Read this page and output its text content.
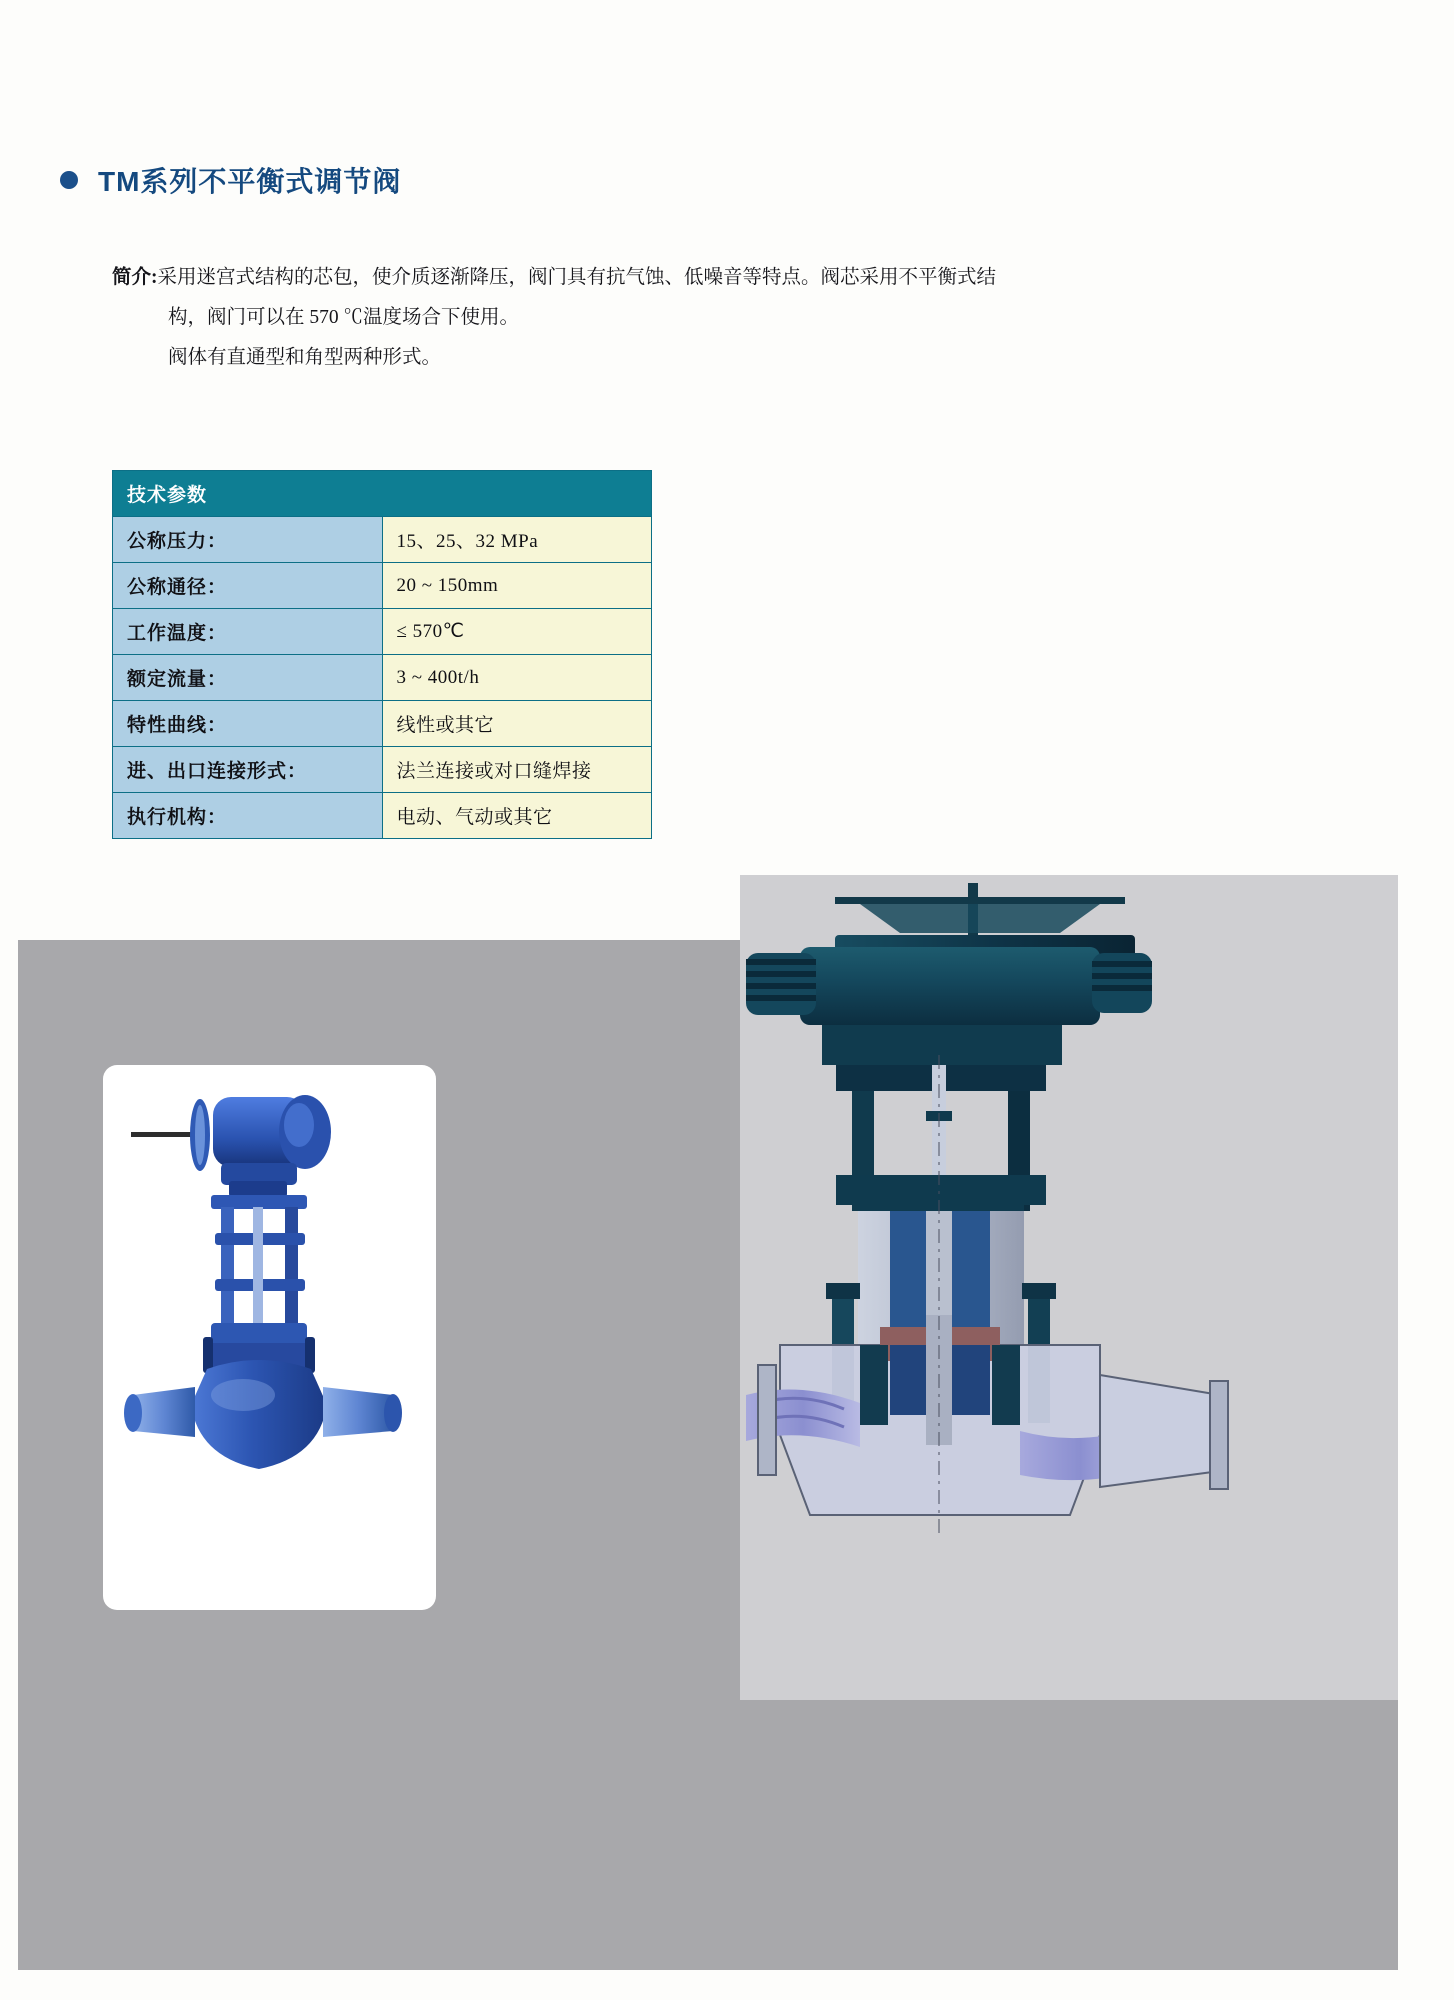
TM系列不平衡式调节阀
简介:采用迷宫式结构的芯包，使介质逐渐降压，阀门具有抗气蚀、低噪音等特点。阀芯采用不平衡式结
构，阀门可以在 570 ℃温度场合下使用。
阀体有直通型和角型两种形式。
技术参数	
公称压力：	15、25、32 MPa
公称通径：	20 ~ 150mm
工作温度：	≤ 570℃
额定流量：	3 ~ 400t/h
特性曲线：	线性或其它
进、出口连接形式：	法兰连接或对口缝焊接
执行机构：	电动、气动或其它
